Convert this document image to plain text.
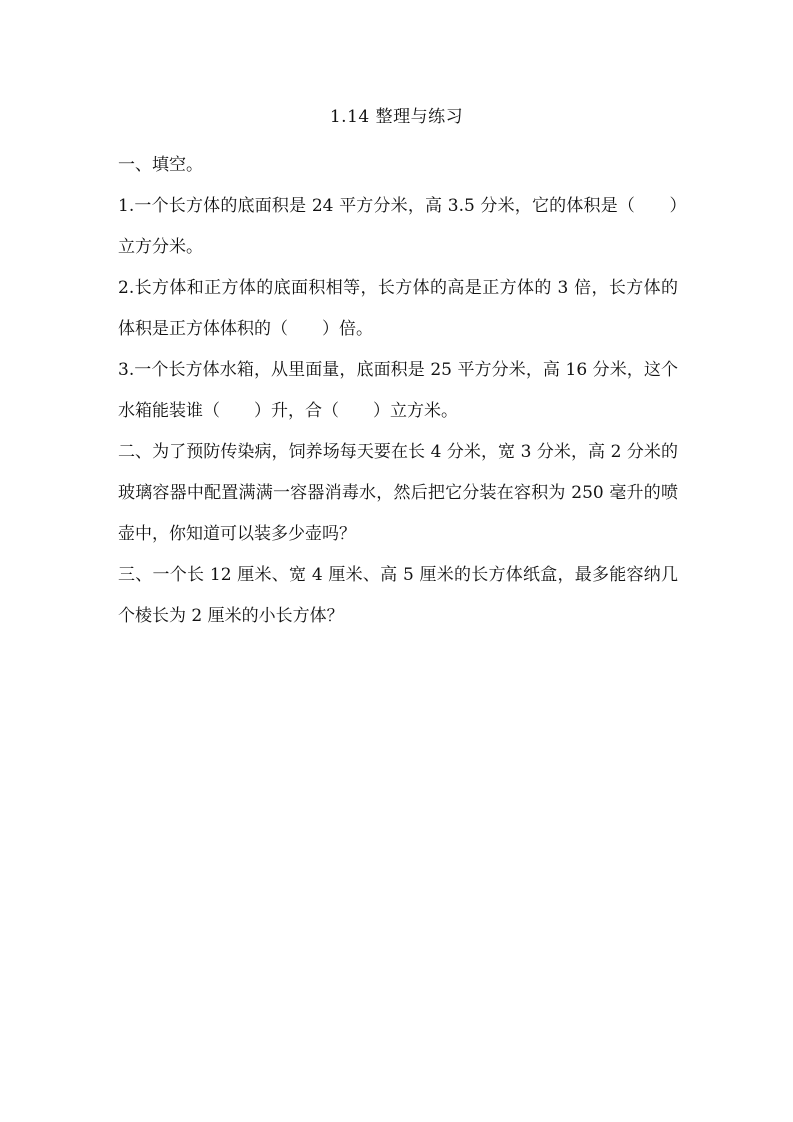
1.14 整理与练习

一、填空。

1.一个长方体的底面积是 24 平方分米，高 3.5 分米，它的体积是（　　）立方分米。

2.长方体和正方体的底面积相等，长方体的高是正方体的 3 倍，长方体的体积是正方体体积的（　　）倍。

3.一个长方体水箱，从里面量，底面积是 25 平方分米，高 16 分米，这个水箱能装谁（　　）升，合（　　）立方米。

二、为了预防传染病，饲养场每天要在长 4 分米，宽 3 分米，高 2 分米的玻璃容器中配置满满一容器消毒水，然后把它分装在容积为 250 毫升的喷壶中，你知道可以装多少壶吗？

三、一个长 12 厘米、宽 4 厘米、高 5 厘米的长方体纸盒，最多能容纳几个棱长为 2 厘米的小长方体？
